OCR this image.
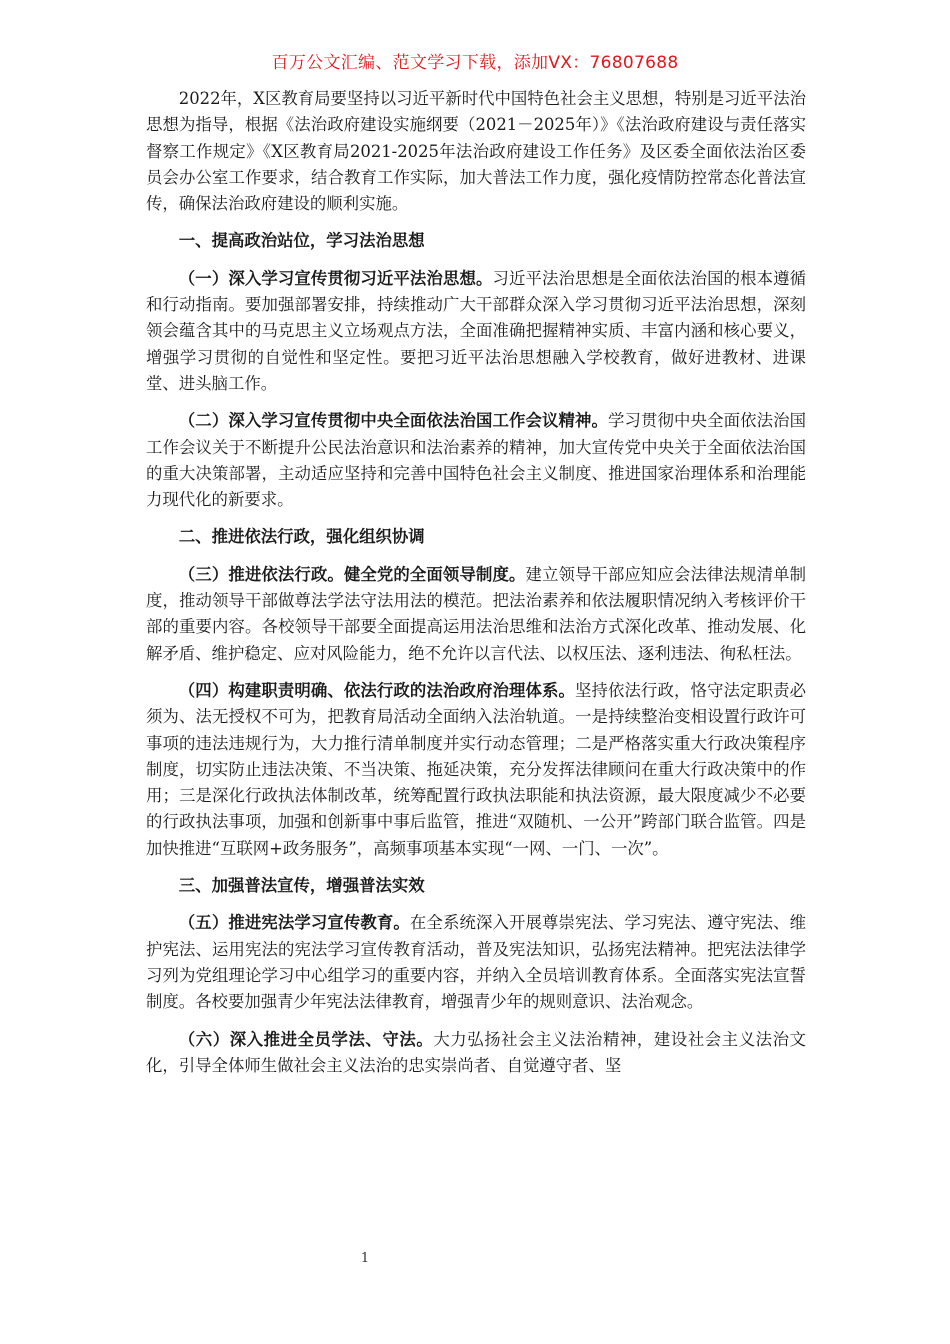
百万公文汇编、范文学习下载，添加VX：76807688

2022年，X区教育局要坚持以习近平新时代中国特色社会主义思想，特别是习近平法治思想为指导，根据《法治政府建设实施纲要（2021－2025年）》《法治政府建设与责任落实督察工作规定》《X区教育局2021-2025年法治政府建设工作任务》及区委全面依法治区委员会办公室工作要求，结合教育工作实际，加大普法工作力度，强化疫情防控常态化普法宣传，确保法治政府建设的顺利实施。

一、提高政治站位，学习法治思想

（一）深入学习宣传贯彻习近平法治思想。习近平法治思想是全面依法治国的根本遵循和行动指南。要加强部署安排，持续推动广大干部群众深入学习贯彻习近平法治思想，深刻领会蕴含其中的马克思主义立场观点方法，全面准确把握精神实质、丰富内涵和核心要义，增强学习贯彻的自觉性和坚定性。要把习近平法治思想融入学校教育，做好进教材、进课堂、进头脑工作。

（二）深入学习宣传贯彻中央全面依法治国工作会议精神。学习贯彻中央全面依法治国工作会议关于不断提升公民法治意识和法治素养的精神，加大宣传党中央关于全面依法治国的重大决策部署，主动适应坚持和完善中国特色社会主义制度、推进国家治理体系和治理能力现代化的新要求。

二、推进依法行政，强化组织协调

（三）推进依法行政。健全党的全面领导制度。建立领导干部应知应会法律法规清单制度，推动领导干部做尊法学法守法用法的模范。把法治素养和依法履职情况纳入考核评价干部的重要内容。各校领导干部要全面提高运用法治思维和法治方式深化改革、推动发展、化解矛盾、维护稳定、应对风险能力，绝不允许以言代法、以权压法、逐利违法、徇私枉法。

（四）构建职责明确、依法行政的法治政府治理体系。坚持依法行政，恪守法定职责必须为、法无授权不可为，把教育局活动全面纳入法治轨道。一是持续整治变相设置行政许可事项的违法违规行为，大力推行清单制度并实行动态管理；二是严格落实重大行政决策程序制度，切实防止违法决策、不当决策、拖延决策，充分发挥法律顾问在重大行政决策中的作用；三是深化行政执法体制改革，统筹配置行政执法职能和执法资源，最大限度减少不必要的行政执法事项，加强和创新事中事后监管，推进“双随机、一公开”跨部门联合监管。四是加快推进“互联网+政务服务”，高频事项基本实现“一网、一门、一次”。

三、加强普法宣传，增强普法实效

（五）推进宪法学习宣传教育。在全系统深入开展尊崇宪法、学习宪法、遵守宪法、维护宪法、运用宪法的宪法学习宣传教育活动，普及宪法知识，弘扬宪法精神。把宪法法律学习列为党组理论学习中心组学习的重要内容，并纳入全员培训教育体系。全面落实宪法宣誓制度。各校要加强青少年宪法法律教育，增强青少年的规则意识、法治观念。

（六）深入推进全员学法、守法。大力弘扬社会主义法治精神，建设社会主义法治文化，引导全体师生做社会主义法治的忠实崇尚者、自觉遵守者、坚

1
